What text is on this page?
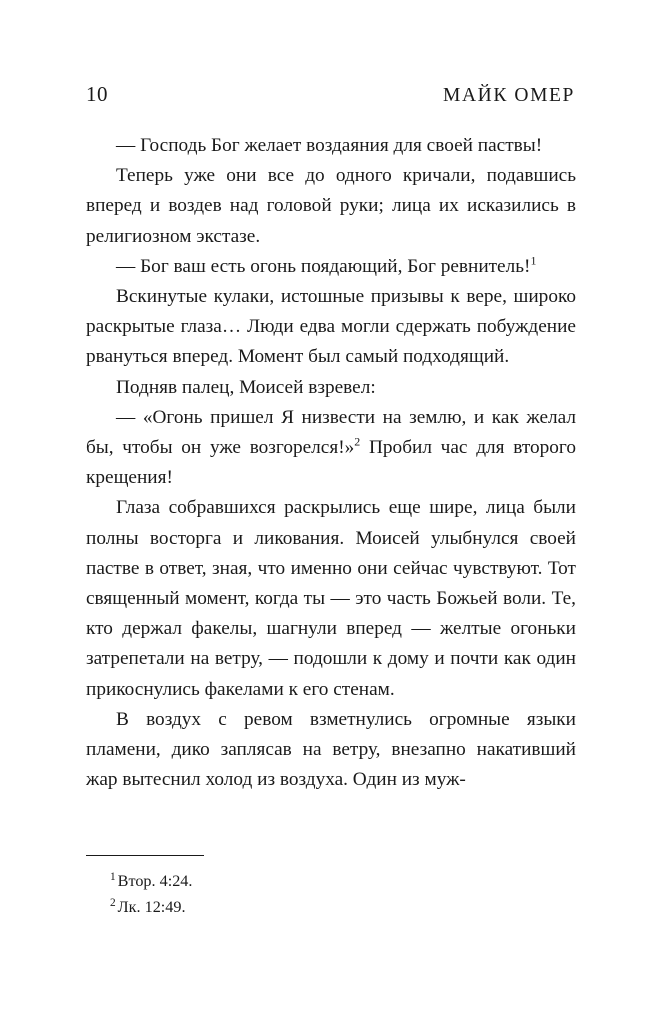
10	МАЙК ОМЕР

— Господь Бог желает воздаяния для своей паствы!

Теперь уже они все до одного кричали, подавшись вперед и воздев над головой руки; лица их исказились в религиозном экстазе.

— Бог ваш есть огонь поядающий, Бог ревнитель!$^1$

Вскинутые кулаки, истошные призывы к вере, широко раскрытые глаза… Люди едва могли сдержать побуждение рвануться вперед. Момент был самый подходящий.

Подняв палец, Моисей взревел:

— «Огонь пришел Я низвести на землю, и как желал бы, чтобы он уже возгорелся!»$^2$ Пробил час для второго крещения!

Глаза собравшихся раскрылись еще шире, лица были полны восторга и ликования. Моисей улыбнулся своей пастве в ответ, зная, что именно они сейчас чувствуют. Тот священный момент, когда ты — это часть Божьей воли. Те, кто держал факелы, шагнули вперед — желтые огоньки затрепетали на ветру, — подошли к дому и почти как один прикоснулись факелами к его стенам.

В воздух с ревом взметнулись огромные языки пламени, дико заплясав на ветру, внезапно накативший жар вытеснил холод из воздуха. Один из муж-

$^1$ Втор. 4:24.

$^2$ Лк. 12:49.
